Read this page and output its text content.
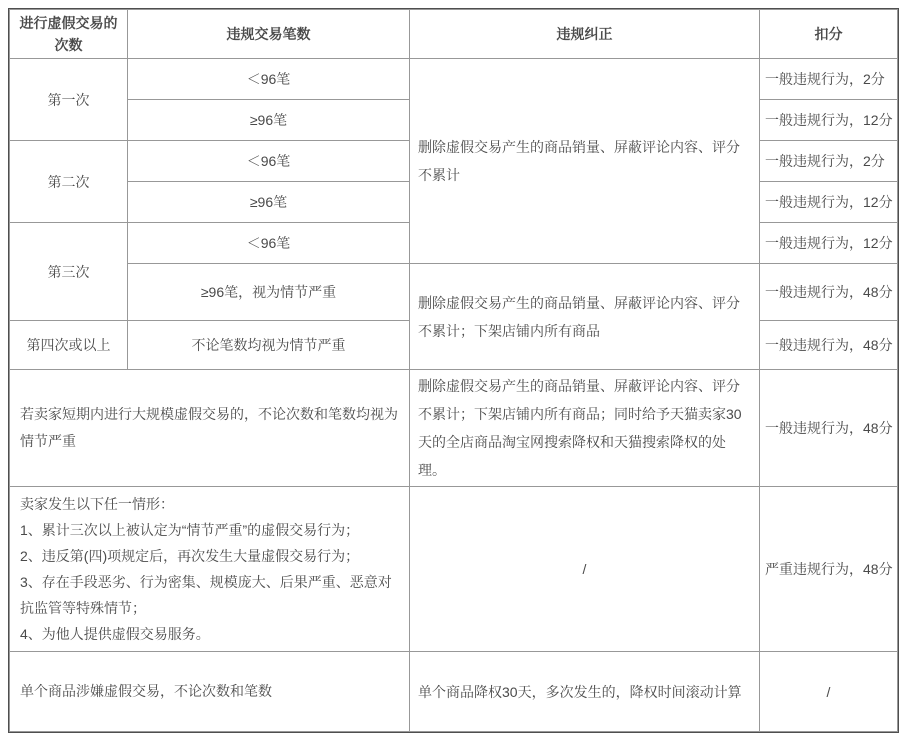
进行虚假交易的次数	违规交易笔数	违规纠正	扣分
第一次	＜96笔	删除虚假交易产生的商品销量、屏蔽评论内容、评分不累计	一般违规行为，2分
	≥96笔		一般违规行为，12分
第二次	＜96笔		一般违规行为，2分
	≥96笔		一般违规行为，12分
第三次	＜96笔		一般违规行为，12分
	≥96笔，视为情节严重	删除虚假交易产生的商品销量、屏蔽评论内容、评分不累计；下架店铺内所有商品	一般违规行为，48分
第四次或以上	不论笔数均视为情节严重		一般违规行为，48分
若卖家短期内进行大规模虚假交易的，不论次数和笔数均视为情节严重		删除虚假交易产生的商品销量、屏蔽评论内容、评分不累计；下架店铺内所有商品；同时给予天猫卖家30天的全店商品淘宝网搜索降权和天猫搜索降权的处理。	一般违规行为，48分

卖家发生以下任一情形：
1、累计三次以上被认定为“情节严重”的虚假交易行为；
2、违反第(四)项规定后，再次发生大量虚假交易行为；
3、存在手段恶劣、行为密集、规模庞大、后果严重、恶意对抗监管等特殊情节；
4、为他人提供虚假交易服务。		/	严重违规行为，48分
单个商品涉嫌虚假交易，不论次数和笔数		单个商品降权30天，多次发生的，降权时间滚动计算	/
